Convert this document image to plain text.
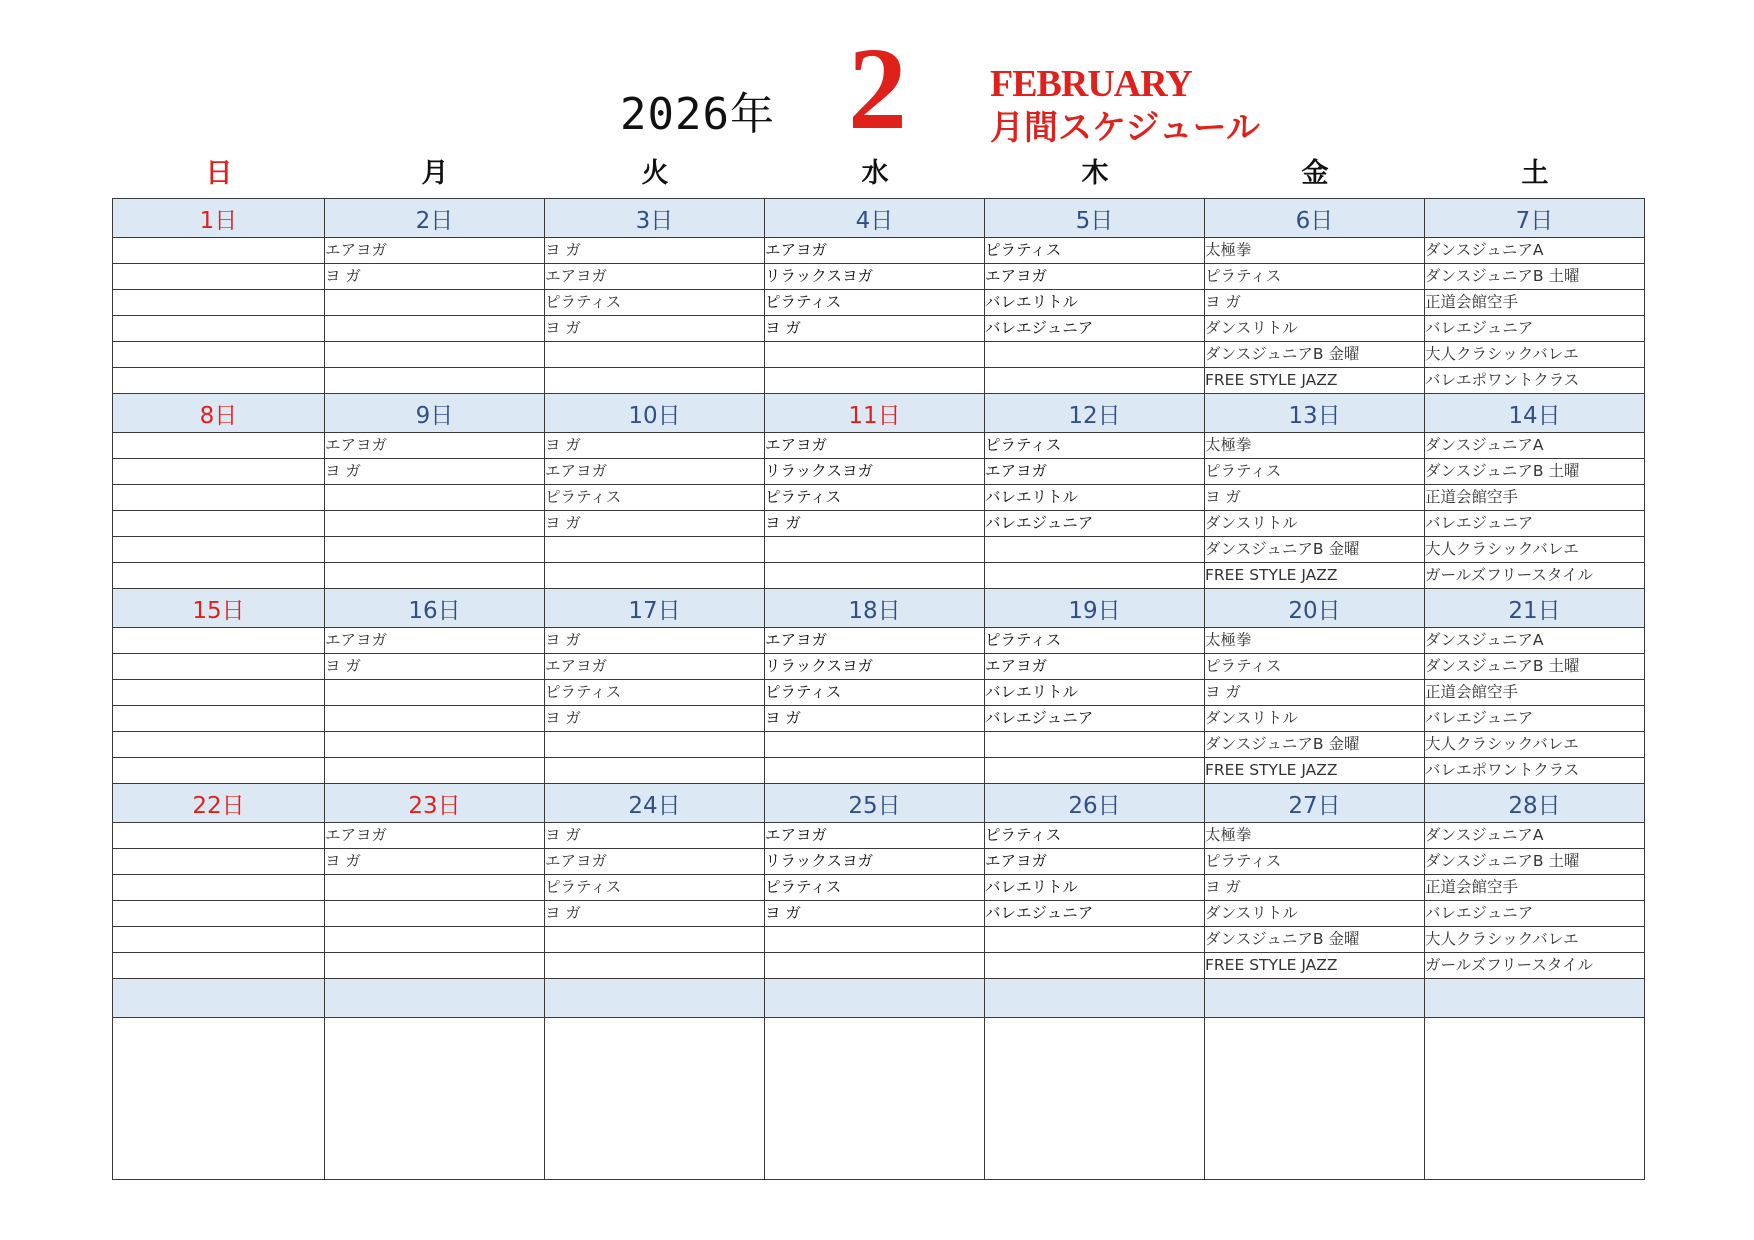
2026年 2 FEBRUARY
月間スケジュール
日	月	火	水	木	金	土
1日	2日	3日	4日	5日	6日	7日
	エアヨガ	ヨ ガ	エアヨガ	ピラティス	太極拳	ダンスジュニアA
	ヨ ガ	エアヨガ	リラックスヨガ	エアヨガ	ピラティス	ダンスジュニアB 土曜
		ピラティス	ピラティス	バレエリトル	ヨ ガ	正道会館空手
		ヨ ガ	ヨ ガ	バレエジュニア	ダンスリトル	バレエジュニア
					ダンスジュニアB 金曜	大人クラシックバレエ
					FREE STYLE JAZZ	バレエポワントクラス
8日	9日	10日	11日	12日	13日	14日
	エアヨガ	ヨ ガ	エアヨガ	ピラティス	太極拳	ダンスジュニアA
	ヨ ガ	エアヨガ	リラックスヨガ	エアヨガ	ピラティス	ダンスジュニアB 土曜
		ピラティス	ピラティス	バレエリトル	ヨ ガ	正道会館空手
		ヨ ガ	ヨ ガ	バレエジュニア	ダンスリトル	バレエジュニア
					ダンスジュニアB 金曜	大人クラシックバレエ
					FREE STYLE JAZZ	ガールズフリースタイル
15日	16日	17日	18日	19日	20日	21日
	エアヨガ	ヨ ガ	エアヨガ	ピラティス	太極拳	ダンスジュニアA
	ヨ ガ	エアヨガ	リラックスヨガ	エアヨガ	ピラティス	ダンスジュニアB 土曜
		ピラティス	ピラティス	バレエリトル	ヨ ガ	正道会館空手
		ヨ ガ	ヨ ガ	バレエジュニア	ダンスリトル	バレエジュニア
					ダンスジュニアB 金曜	大人クラシックバレエ
					FREE STYLE JAZZ	バレエポワントクラス
22日	23日	24日	25日	26日	27日	28日
	エアヨガ	ヨ ガ	エアヨガ	ピラティス	太極拳	ダンスジュニアA
	ヨ ガ	エアヨガ	リラックスヨガ	エアヨガ	ピラティス	ダンスジュニアB 土曜
		ピラティス	ピラティス	バレエリトル	ヨ ガ	正道会館空手
		ヨ ガ	ヨ ガ	バレエジュニア	ダンスリトル	バレエジュニア
					ダンスジュニアB 金曜	大人クラシックバレエ
					FREE STYLE JAZZ	ガールズフリースタイル
